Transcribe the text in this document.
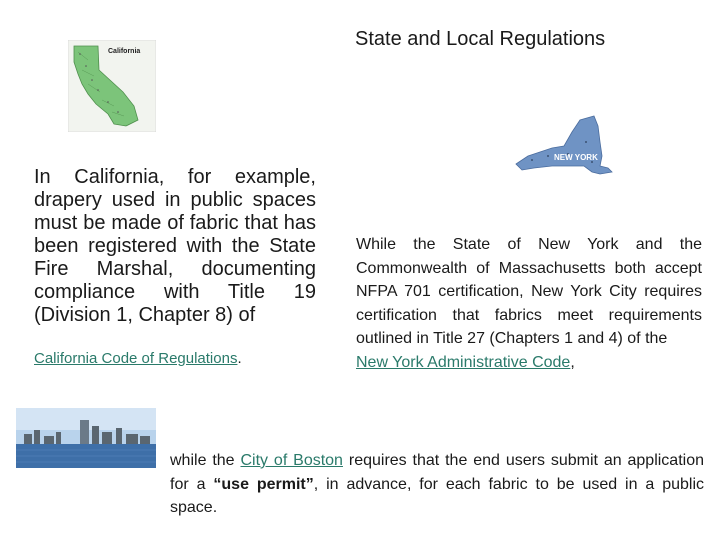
State and Local Regulations
California
NEW YORK
In California, for example, drapery used in public spaces must be made of fabric that has been registered with the State Fire Marshal, documenting compliance with Title 19 (Division 1, Chapter 8) of
California Code of Regulations.
While the State of New York and the Commonwealth of Massachusetts both accept NFPA 701 certification, New York City requires certification that fabrics meet requirements outlined in Title 27 (Chapters 1 and 4) of the
New York Administrative Code,
while the City of Boston requires that the end users submit an application for a “use permit”, in advance, for each fabric to be used in a public space.
